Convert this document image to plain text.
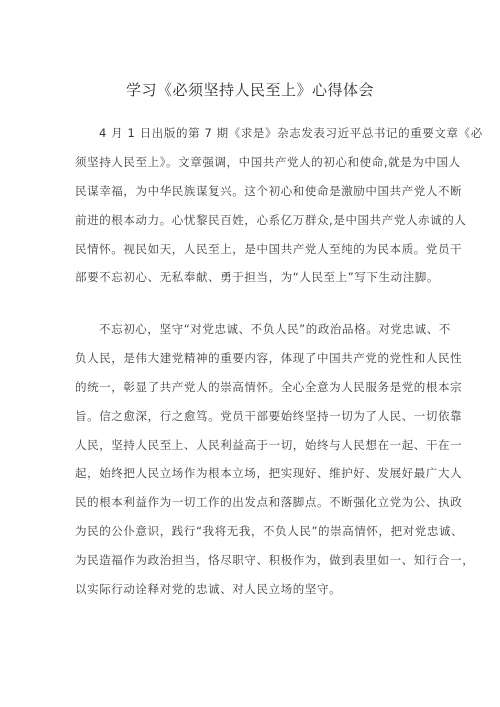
学习《必须坚持人民至上》心得体会

4 月 1 日出版的第 7 期《求是》杂志发表习近平总书记的重要文章《必
须坚持人民至上》。文章强调，中国共产党人的初心和使命,就是为中国人
民谋幸福，为中华民族谋复兴。这个初心和使命是激励中国共产党人不断
前进的根本动力。心忧黎民百姓，心系亿万群众,是中国共产党人赤诚的人
民情怀。视民如天，人民至上，是中国共产党人至纯的为民本质。党员干
部要不忘初心、无私奉献、勇于担当，为“人民至上”写下生动注脚。

不忘初心，坚守“对党忠诚、不负人民”的政治品格。对党忠诚、不
负人民，是伟大建党精神的重要内容，体现了中国共产党的党性和人民性
的统一，彰显了共产党人的崇高情怀。全心全意为人民服务是党的根本宗
旨。信之愈深，行之愈笃。党员干部要始终坚持一切为了人民、一切依靠
人民，坚持人民至上、人民利益高于一切，始终与人民想在一起、干在一
起，始终把人民立场作为根本立场，把实现好、维护好、发展好最广大人
民的根本利益作为一切工作的出发点和落脚点。不断强化立党为公、执政
为民的公仆意识，践行“我将无我，不负人民”的崇高情怀，把对党忠诚、
为民造福作为政治担当，恪尽职守、积极作为，做到表里如一、知行合一，
以实际行动诠释对党的忠诚、对人民立场的坚守。
